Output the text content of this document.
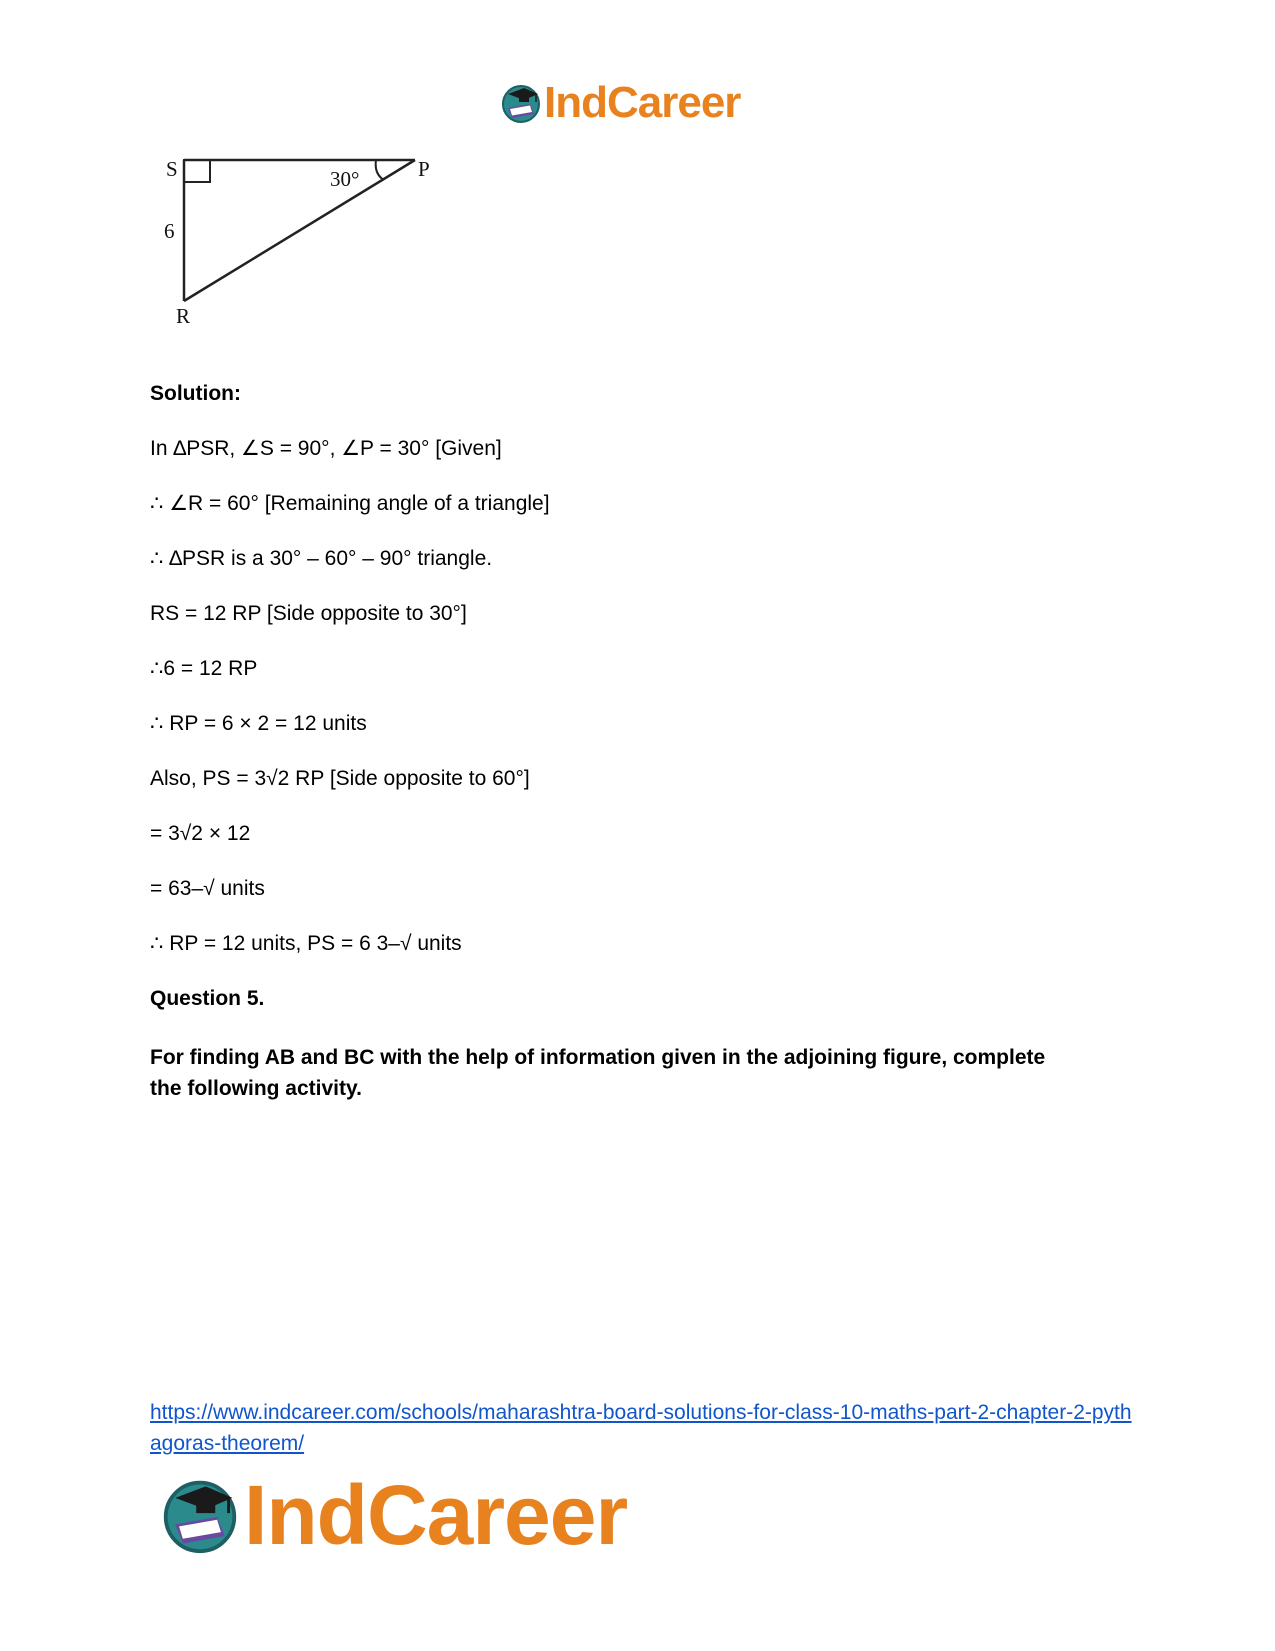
IndCareer
S	P
R
30°
6
Solution:
In ∆PSR, ∠S = 90°, ∠P = 30° [Given]
∴ ∠R = 60° [Remaining angle of a triangle]
∴ ∆PSR is a 30° – 60° – 90° triangle.
RS = 12 RP [Side opposite to 30°]
∴6 = 12 RP
∴ RP = 6 × 2 = 12 units
Also, PS = 3√2 RP [Side opposite to 60°]
= 3√2 × 12
= 63–√ units
∴ RP = 12 units, PS = 6 3–√ units
Question 5.
For finding AB and BC with the help of information given in the adjoining figure, complete the following activity.
https://www.indcareer.com/schools/maharashtra-board-solutions-for-class-10-maths-part-2-chapter-2-pythagoras-theorem/
IndCareer
